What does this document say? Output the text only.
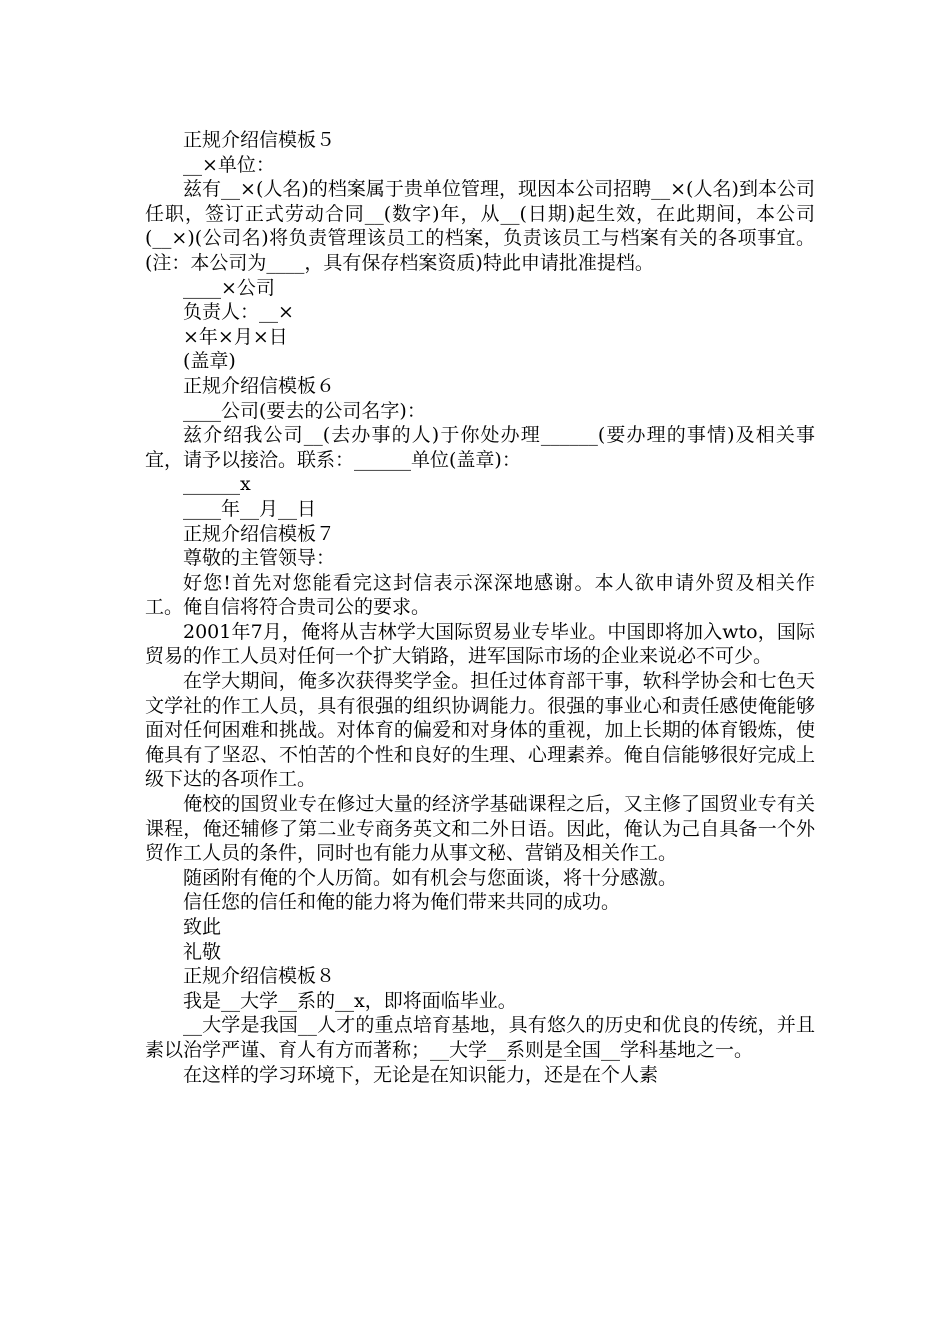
正规介绍信模板５
__×单位：

兹有__×(人名)的档案属于贵单位管理，现因本公司招聘__×(人名)到本公司任职，签订正式劳动合同__(数字)年，从__(日期)起生效，在此期间，本公司(__×)(公司名)将负责管理该员工的档案，负责该员工与档案有关的各项事宜。(注：本公司为____，具有保存档案资质)特此申请批准提档。

____×公司
负责人：__×
×年×月×日
(盖章)
正规介绍信模板６
____公司(要去的公司名字)：

兹介绍我公司__(去办事的人)于你处办理______(要办理的事情)及相关事宜，请予以接洽。联系：______单位(盖章)：

______x
____年__月__日
正规介绍信模板７
尊敬的主管领导：

好您!首先对您能看完这封信表示深深地感谢。本人欲申请外贸及相关作工。俺自信将符合贵司公的要求。

2001年7月，俺将从吉林学大国际贸易业专毕业。中国即将加入wto，国际贸易的作工人员对任何一个扩大销路，进军国际市场的企业来说必不可少。

在学大期间，俺多次获得奖学金。担任过体育部干事，软科学协会和七色天文学社的作工人员，具有很强的组织协调能力。很强的事业心和责任感使俺能够面对任何困难和挑战。对体育的偏爱和对身体的重视，加上长期的体育锻炼，使俺具有了坚忍、不怕苦的个性和良好的生理、心理素养。俺自信能够很好完成上级下达的各项作工。

俺校的国贸业专在修过大量的经济学基础课程之后，又主修了国贸业专有关课程，俺还辅修了第二业专商务英文和二外日语。因此，俺认为己自具备一个外贸作工人员的条件，同时也有能力从事文秘、营销及相关作工。

随函附有俺的个人历简。如有机会与您面谈，将十分感激。

信任您的信任和俺的能力将为俺们带来共同的成功。

致此
礼敬
正规介绍信模板８

我是__大学__系的__x，即将面临毕业。

__大学是我国__人才的重点培育基地，具有悠久的历史和优良的传统，并且素以治学严谨、育人有方而著称；__大学__系则是全国__学科基地之一。

在这样的学习环境下，无论是在知识能力，还是在个人素
